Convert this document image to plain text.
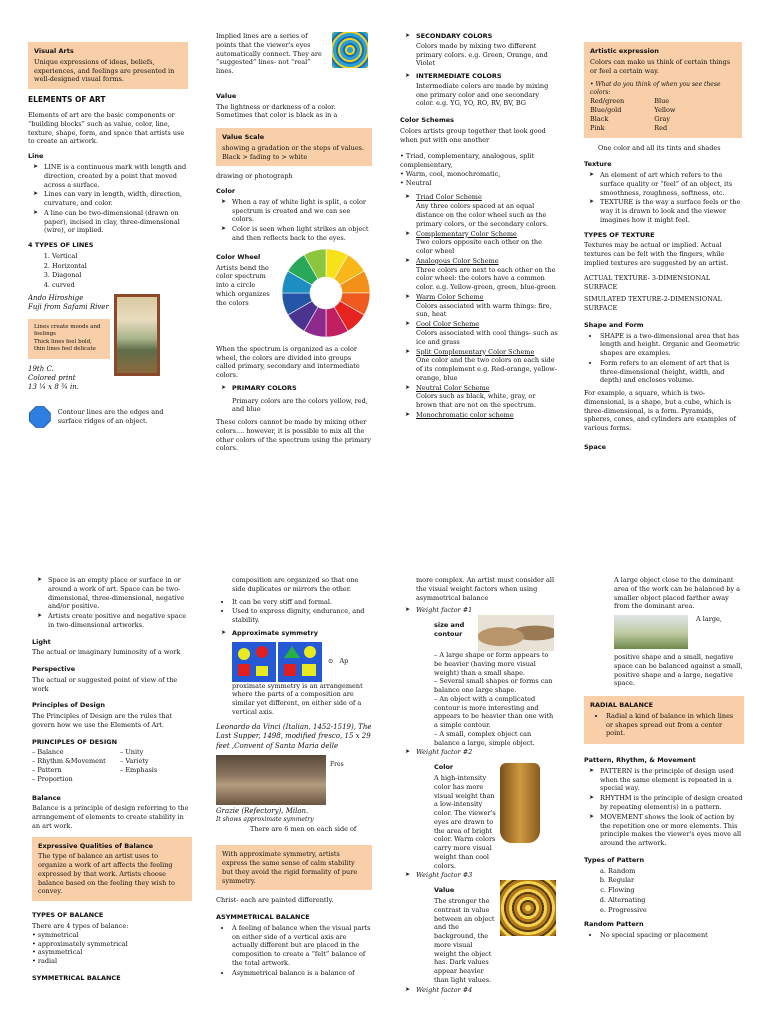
Visual Arts
Unique expressions of ideas, beliefs, experiences, and feelings are presented in well-designed visual forms.
ELEMENTS OF ART

Elements of art are the basic components or “building blocks” such as value, color, line, texture, shape, form, and space that artists use to create an artwork.

Line
➤ LINE is a continuous mark with length and direction, created by a point that moved across a surface.
➤ Lines can vary in length, width, direction, curvature, and color.
➤ A line can be two-dimensional (drawn on paper), incised in clay, three-dimensional (wire), or implied.
4 TYPES OF LINES
1. Vertical
2. Horizontal
3. Diagonal
4. curved
Ando Hiroshige
Fuji from Safami River
Lines create moods and feelings
Thick lines feel bold, thin lines feel delicate
19th C.
Colored print
13 ¼ x 8 ¾ in.
Contour lines are the edges and surface ridges of an object.

Implied lines are a series of points that the viewer's eyes automatically connect. They are “suggested” lines- not “real” lines.

Value

The lightness or darkness of a color. Sometimes that color is black as in a

Value Scale
showing a gradation or the steps of values.
Black > fading to > white

drawing or photograph

Color
➤ When a ray of white light is split, a color spectrum is created and we can see colors.
➤ Color is seen when light strikes an object and then reflects back to the eyes.
Color Wheel
Artists bend the color spectrum into a circle which organizes the colors

When the spectrum is organized as a color wheel, the colors are divided into groups called primary, secondary and intermediate colors.

➤ PRIMARY COLORS

Primary colors are the colors yellow, red, and blue

These colors cannot be made by mixing other colors.... however, it is possible to mix all the other colors of the spectrum using the primary colors.

➤ SECONDARY COLORS

Colors made by mixing two different primary colors. e.g. Green, Orange, and Violet

➤ INTERMEDIATE COLORS

Intermediate colors are made by mixing one primary color and one secondary color. e.g. YG, YO, RO, RV, BV, BG

Color Schemes

Colors artists group together that look good when put with one another

• Triad, complementary, analogous, split complementary,
• Warm, cool, monochromatic,
• Neutral

➤ Triad Color Scheme
Any three colors spaced at an equal distance on the color wheel such as the primary colors, or the secondary colors.
➤ Complementary Color Scheme
Two colors opposite each other on the color wheel
➤ Analogous Color Scheme
Three colors are next to each other on the color wheel: the colors have a common color. e.g. Yellow-green, green, blue-green
➤ Warm Color Scheme
Colors associated with warm things: fire, sun, heat
➤ Cool Color Scheme
Colors associated with cool things- such as ice and grass
➤ Split Complementary Color Scheme
One color and the two colors on each side of its complement e.g. Red-orange, yellow-orange, blue
➤ Neutral Color Scheme
Colors such as black, white, gray, or brown that are not on the spectrum.
➤ Monochromatic color scheme
Artistic expression
Colors can make us think of certain things or feel a certain way.
• What do you think of when you see these colors:
Red/green
Blue/gold
Black
Pink
Blue
Yellow
Gray
Red

One color and all its tints and shades

Texture
➤ An element of art which refers to the surface quality or “feel” of an object, its smoothness, roughness, softness, etc.
➤ TEXTURE is the way a surface feels or the way it is drawn to look and the viewer imagines how it might feel.
TYPES OF TEXTURE

Textures may be actual or implied. Actual textures can be felt with the fingers, while implied textures are suggested by an artist.

ACTUAL TEXTURE- 3-DIMENSIONAL SURFACE

SIMULATED TEXTURE-2-DIMENSIONAL SURFACE

Shape and Form
• SHAPE is a two-dimensional area that has length and height. Organic and Geometric shapes are examples.
• Form refers to an element of art that is three-dimensional (height, width, and depth) and encloses volume.

For example, a square, which is two-dimensional, is a shape, but a cube, which is three-dimensional, is a form. Pyramids, spheres, cones, and cylinders are examples of various forms.

Space
➤ Space is an empty place or surface in or around a work of art. Space can be two- dimensional, three-dimensional, negative and/or positive.
➤ Artists create positive and negative space in two-dimensional artworks.
Light

The actual or imaginary luminosity of a work

Perspective

The actual or suggested point of view of the work

Principles of Design

The Principles of Design are the rules that govern how we use the Elements of Art.

PRINCIPLES OF DESIGN
– Balance
– Rhythm &Movement
– Pattern
– Proportion
– Unity
– Variety
– Emphasis
Balance

Balance is a principle of design referring to the arrangement of elements to create stability in an art work.

Expressive Qualities of Balance
The type of balance an artist uses to organize a work of art affects the feeling expressed by that work. Artists choose balance based on the feeling they wish to convey.
TYPES OF BALANCE

There are 4 types of balance:
• symmetrical
• approximately symmetrical
• asymmetrical
• radial

SYMMETRICAL BALANCE

composition are organized so that one side duplicates or mirrors the other.

• It can be very stiff and formal.
• Used to express dignity, endurance, and stability.
➤ Approximate symmetry
⊙ Ap

proximate symmetry is an arrangement where the parts of a composition are similar yet different, on either side of a vertical axis.

Leonardo da Vinci (Italian, 1452-1519), The Last Supper, 1498, modified fresco, 15 x 29 feet ,Convent of Santa Maria delle

Fres

Grazie (Refectory), Milan.

It shows approximate symmetry

There are 6 men on each side of

With approximate symmetry, artists express the same sense of calm stability but they avoid the rigid formality of pure symmetry.

Christ- each are painted differently.

ASYMMETRICAL BALANCE
• A feeling of balance when the visual parts on either side of a vertical axis are actually different but are placed in the composition to create a “felt” balance of the total artwork.
• Asymmetrical balance is a balance of

more complex. An artist must consider all the visual weight factors when using asymmetrical balance

➤ Weight factor #1
size and contour
– A large shape or form appears to be heavier (having more visual weight) than a small shape.
– Several small shapes or forms can balance one large shape.
– An object with a complicated contour is more interesting and appears to be heavier than one with a simple contour.
– A small, complex object can balance a large, simple object.
➤ Weight factor #2
Color
A high-intensity color has more visual weight than a low-intensity color. The viewer's eyes are drawn to the area of bright color. Warm colors carry more visual weight than cool colors.
➤ Weight factor #3
Value
The stronger the contrast in value between an object and the background, the more visual weight the object has. Dark values appear heavier than light values.
➤ Weight factor #4

A large object close to the dominant area of the work can be balanced by a smaller object placed farther away from the dominant area.

A large,

positive shape and a small, negative space can be balanced against a small, positive shape and a large, negative space.

RADIAL BALANCE
• Radial a kind of balance in which lines or shapes spread out from a center point.
Pattern, Rhythm, & Movement
➤ PATTERN is the principle of design used when the same element is repeated in a special way.
➤ RHYTHM is the principle of design created by repeating element(s) in a pattern.
➤ MOVEMENT shows the look of action by the repetition one or more elements. This principle makes the viewer's eyes move all around the artwork.
Types of Pattern
a. Random
b. Regular
c. Flowing
d. Alternating
e. Progressive
Random Pattern
• No special spacing or placement
